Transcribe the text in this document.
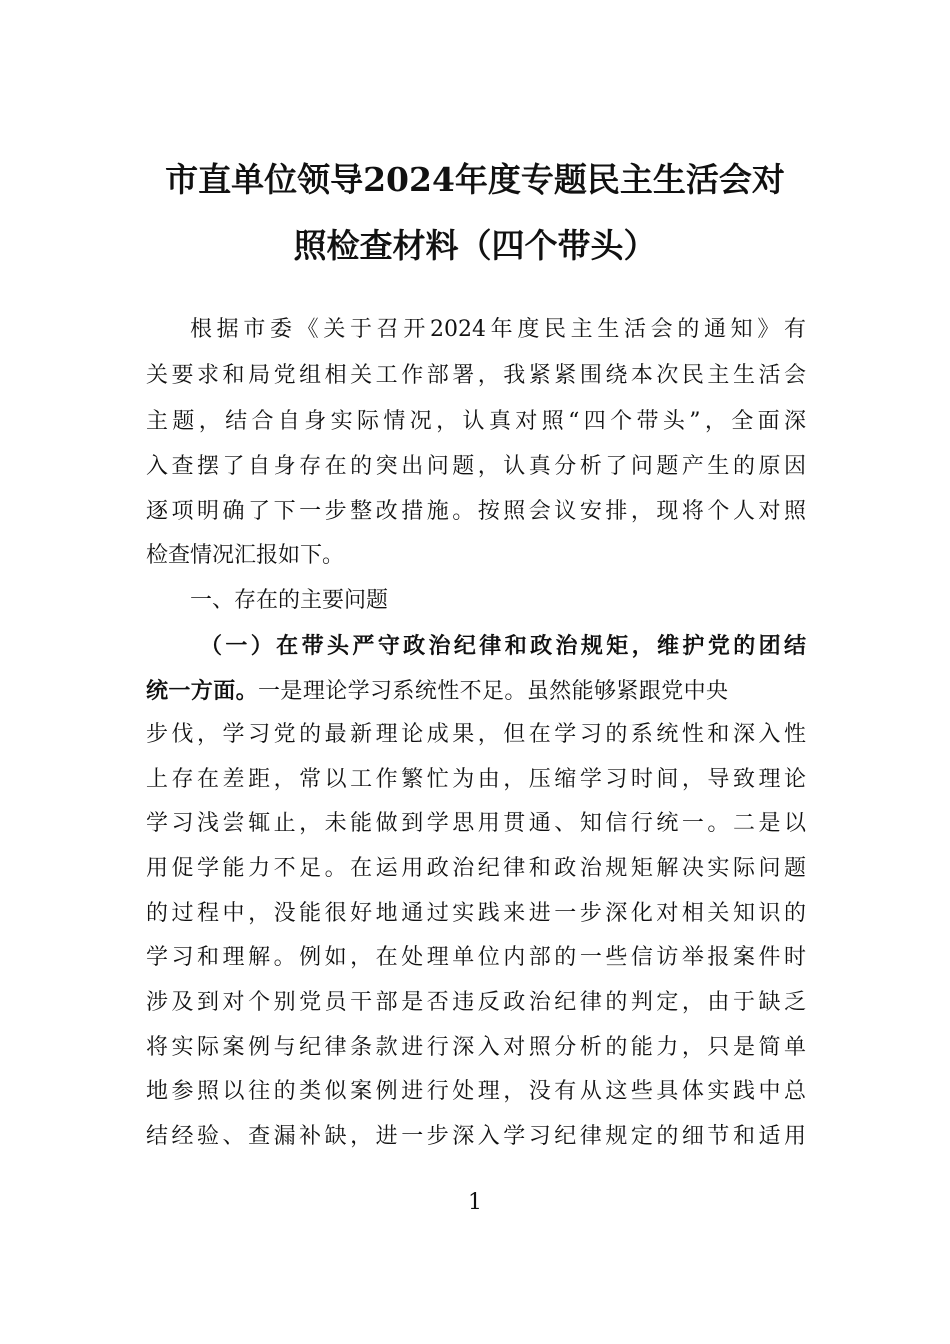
市直单位领导2024年度专题民主生活会对
照检查材料（四个带头）
根据市委《关于召开2024年度民主生活会的通知》有
关要求和局党组相关工作部署，我紧紧围绕本次民主生活会
主题，结合自身实际情况，认真对照“四个带头”，全面深
入查摆了自身存在的突出问题，认真分析了问题产生的原因
逐项明确了下一步整改措施。按照会议安排，现将个人对照
检查情况汇报如下。
一、存在的主要问题
（一）在带头严守政治纪律和政治规矩，维护党的团结
统一方面。一是理论学习系统性不足。虽然能够紧跟党中央
步伐，学习党的最新理论成果，但在学习的系统性和深入性
上存在差距，常以工作繁忙为由，压缩学习时间，导致理论
学习浅尝辄止，未能做到学思用贯通、知信行统一。二是以
用促学能力不足。在运用政治纪律和政治规矩解决实际问题
的过程中，没能很好地通过实践来进一步深化对相关知识的
学习和理解。例如，在处理单位内部的一些信访举报案件时
涉及到对个别党员干部是否违反政治纪律的判定，由于缺乏
将实际案例与纪律条款进行深入对照分析的能力，只是简单
地参照以往的类似案例进行处理，没有从这些具体实践中总
结经验、查漏补缺，进一步深入学习纪律规定的细节和适用
1
